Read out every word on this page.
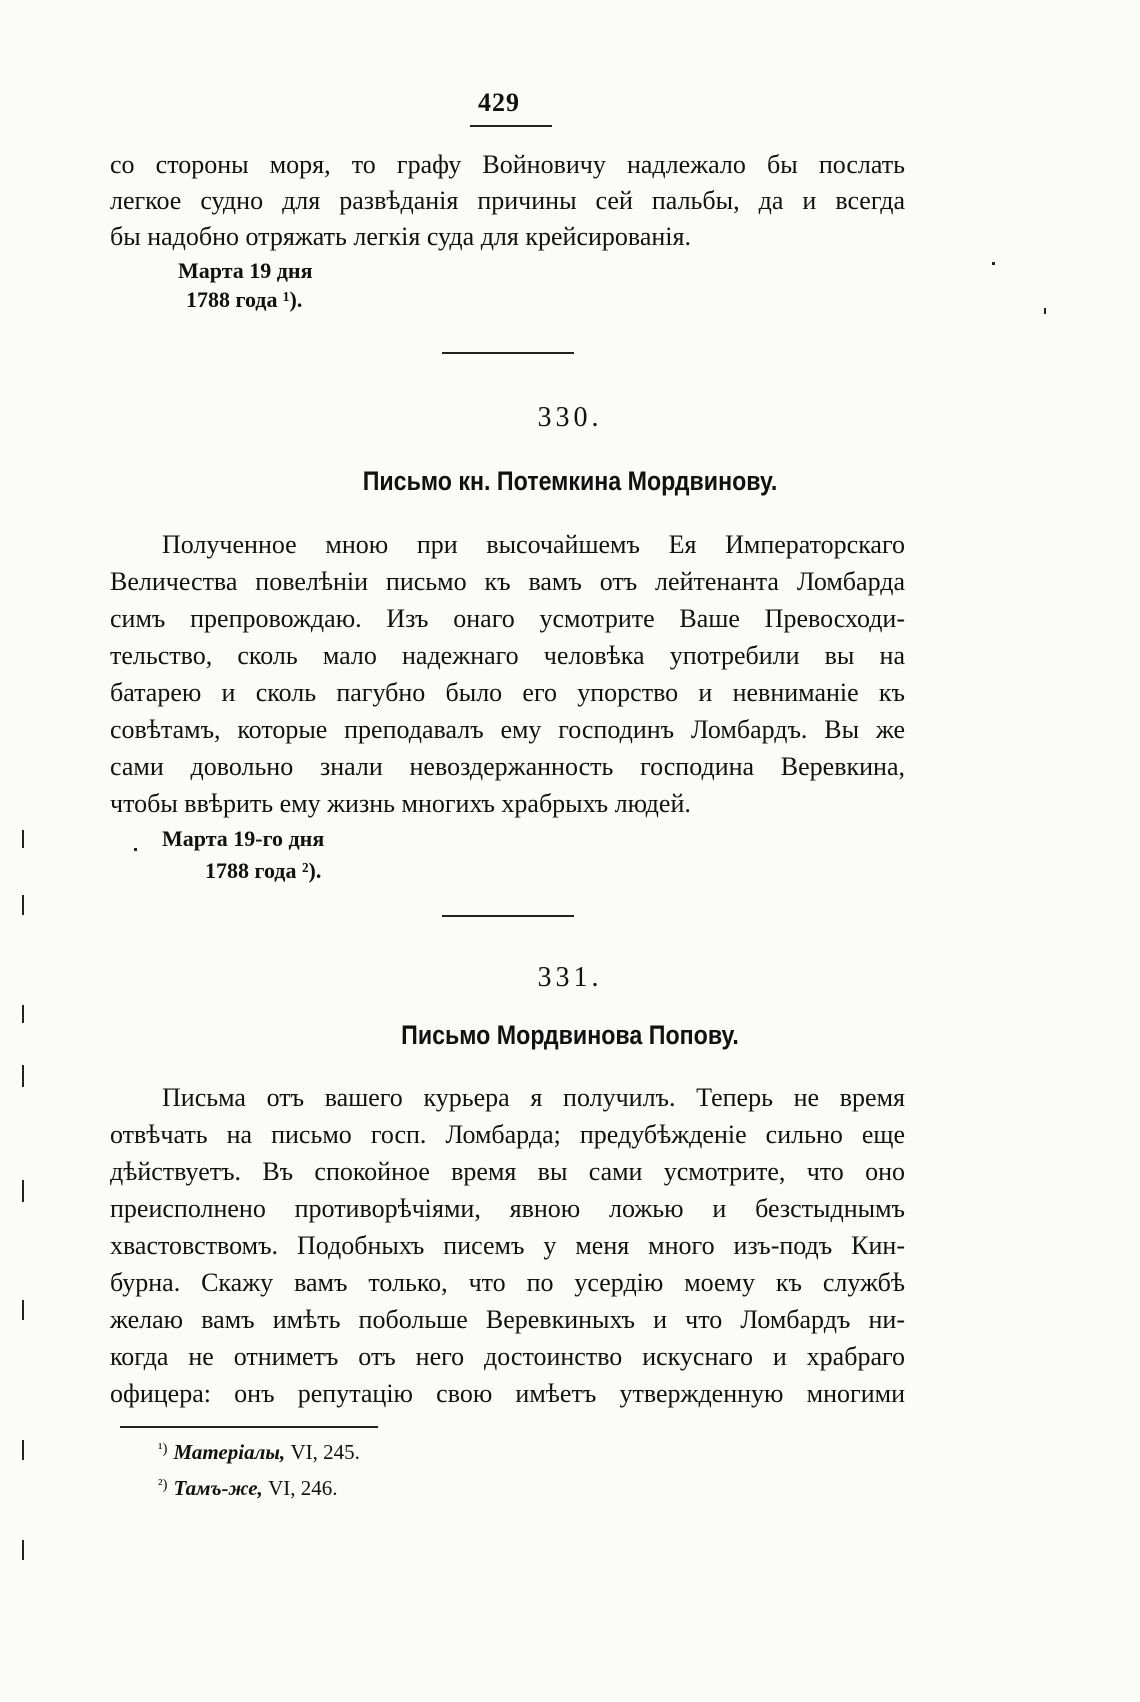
429
со стороны моря, то графу Войновичу надлежало бы послать
легкое судно для развѣданія причины сей пальбы, да и всегда
бы надобно отряжать легкія суда для крейсированія.
Марта 19 дня
1788 года ¹).
330.
Письмо кн. Потемкина Мордвинову.
Полученное мною при высочайшемъ Ея Императорскаго
Величества повелѣніи письмо къ вамъ отъ лейтенанта Ломбарда
симъ препровождаю. Изъ онаго усмотрите Ваше Превосходи-
тельство, сколь мало надежнаго человѣка употребили вы на
батарею и сколь пагубно было его упорство и невниманіе къ
совѣтамъ, которые преподавалъ ему господинъ Ломбардъ. Вы же
сами довольно знали невоздержанность господина Веревкина,
чтобы ввѣрить ему жизнь многихъ храбрыхъ людей.
Марта 19-го дня
1788 года ²).
331.
Письмо Мордвинова Попову.
Письма отъ вашего курьера я получилъ. Теперь не время
отвѣчать на письмо госп. Ломбарда; предубѣжденіе сильно еще
дѣйствуетъ. Въ спокойное время вы сами усмотрите, что оно
преисполнено противорѣчіями, явною ложью и безстыднымъ
хвастовствомъ. Подобныхъ писемъ у меня много изъ-подъ Кин-
бурна. Скажу вамъ только, что по усердію моему къ службѣ
желаю вамъ имѣть побольше Веревкиныхъ и что Ломбардъ ни-
когда не отниметъ отъ него достоинство искуснаго и храбраго
офицера: онъ репутацію свою имѣетъ утвержденную многими
$^{^1)}$ Матеріалы, VI, 245.
$^{^2)}$ Тамъ-же, VI, 246.
